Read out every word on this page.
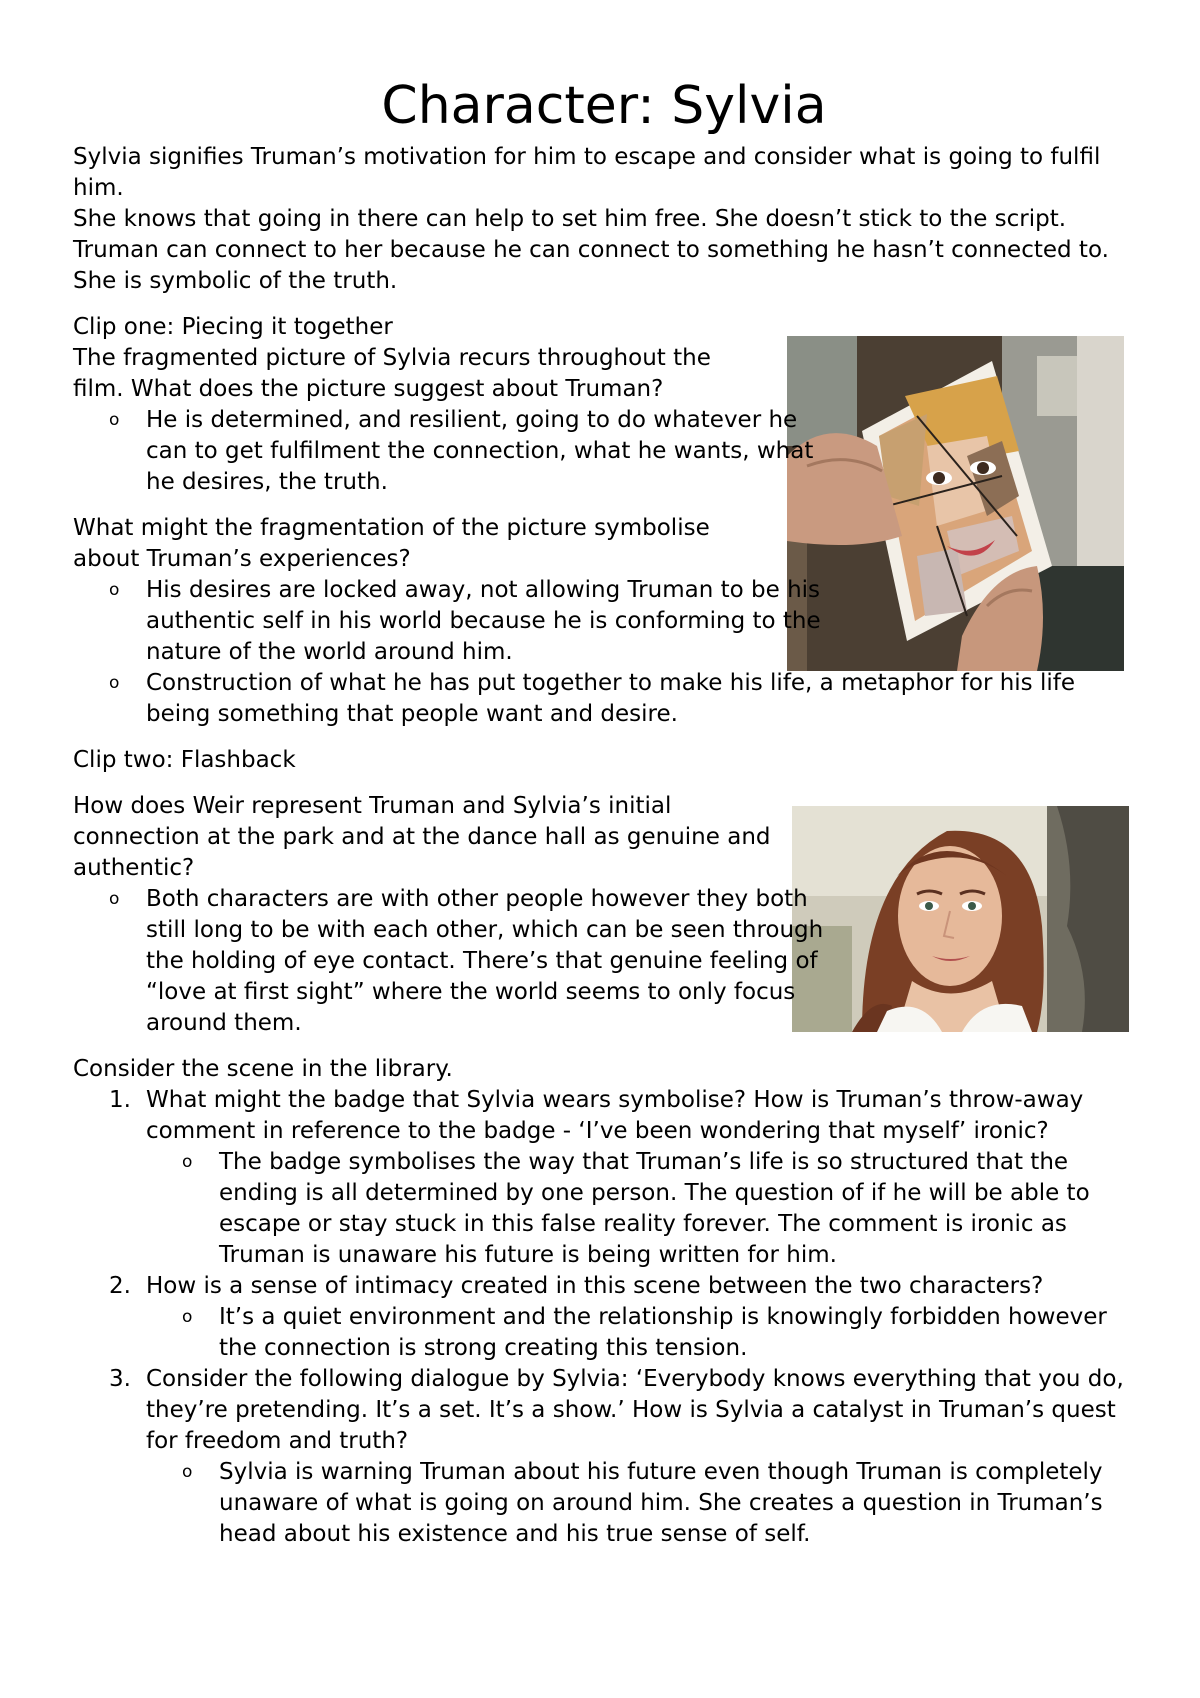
Character: Sylvia

Sylvia signifies Truman’s motivation for him to escape and consider what is going to fulfil him.

She knows that going in there can help to set him free. She doesn’t stick to the script. Truman can connect to her because he can connect to something he hasn’t connected to. She is symbolic of the truth.

Clip one: Piecing it together

The fragmented picture of Sylvia recurs throughout the film. What does the picture suggest about Truman?

o He is determined, and resilient, going to do whatever he can to get fulfilment the connection, what he wants, what he desires, the truth.

What might the fragmentation of the picture symbolise about Truman’s experiences?

o His desires are locked away, not allowing Truman to be his authentic self in his world because he is conforming to the nature of the world around him.
o Construction of what he has put together to make his life, a metaphor for his life being something that people want and desire.

Clip two: Flashback

How does Weir represent Truman and Sylvia’s initial connection at the park and at the dance hall as genuine and authentic?

o Both characters are with other people however they both still long to be with each other, which can be seen through the holding of eye contact. There’s that genuine feeling of “love at first sight” where the world seems to only focus around them.

Consider the scene in the library.

1. What might the badge that Sylvia wears symbolise? How is Truman’s throw-away comment in reference to the badge - ‘I’ve been wondering that myself’ ironic?
o The badge symbolises the way that Truman’s life is so structured that the ending is all determined by one person. The question of if he will be able to escape or stay stuck in this false reality forever. The comment is ironic as Truman is unaware his future is being written for him.
2. How is a sense of intimacy created in this scene between the two characters?
o It’s a quiet environment and the relationship is knowingly forbidden however the connection is strong creating this tension.
3. Consider the following dialogue by Sylvia: ‘Everybody knows everything that you do, they’re pretending. It’s a set. It’s a show.’ How is Sylvia a catalyst in Truman’s quest for freedom and truth?
o Sylvia is warning Truman about his future even though Truman is completely unaware of what is going on around him. She creates a question in Truman’s head about his existence and his true sense of self.
